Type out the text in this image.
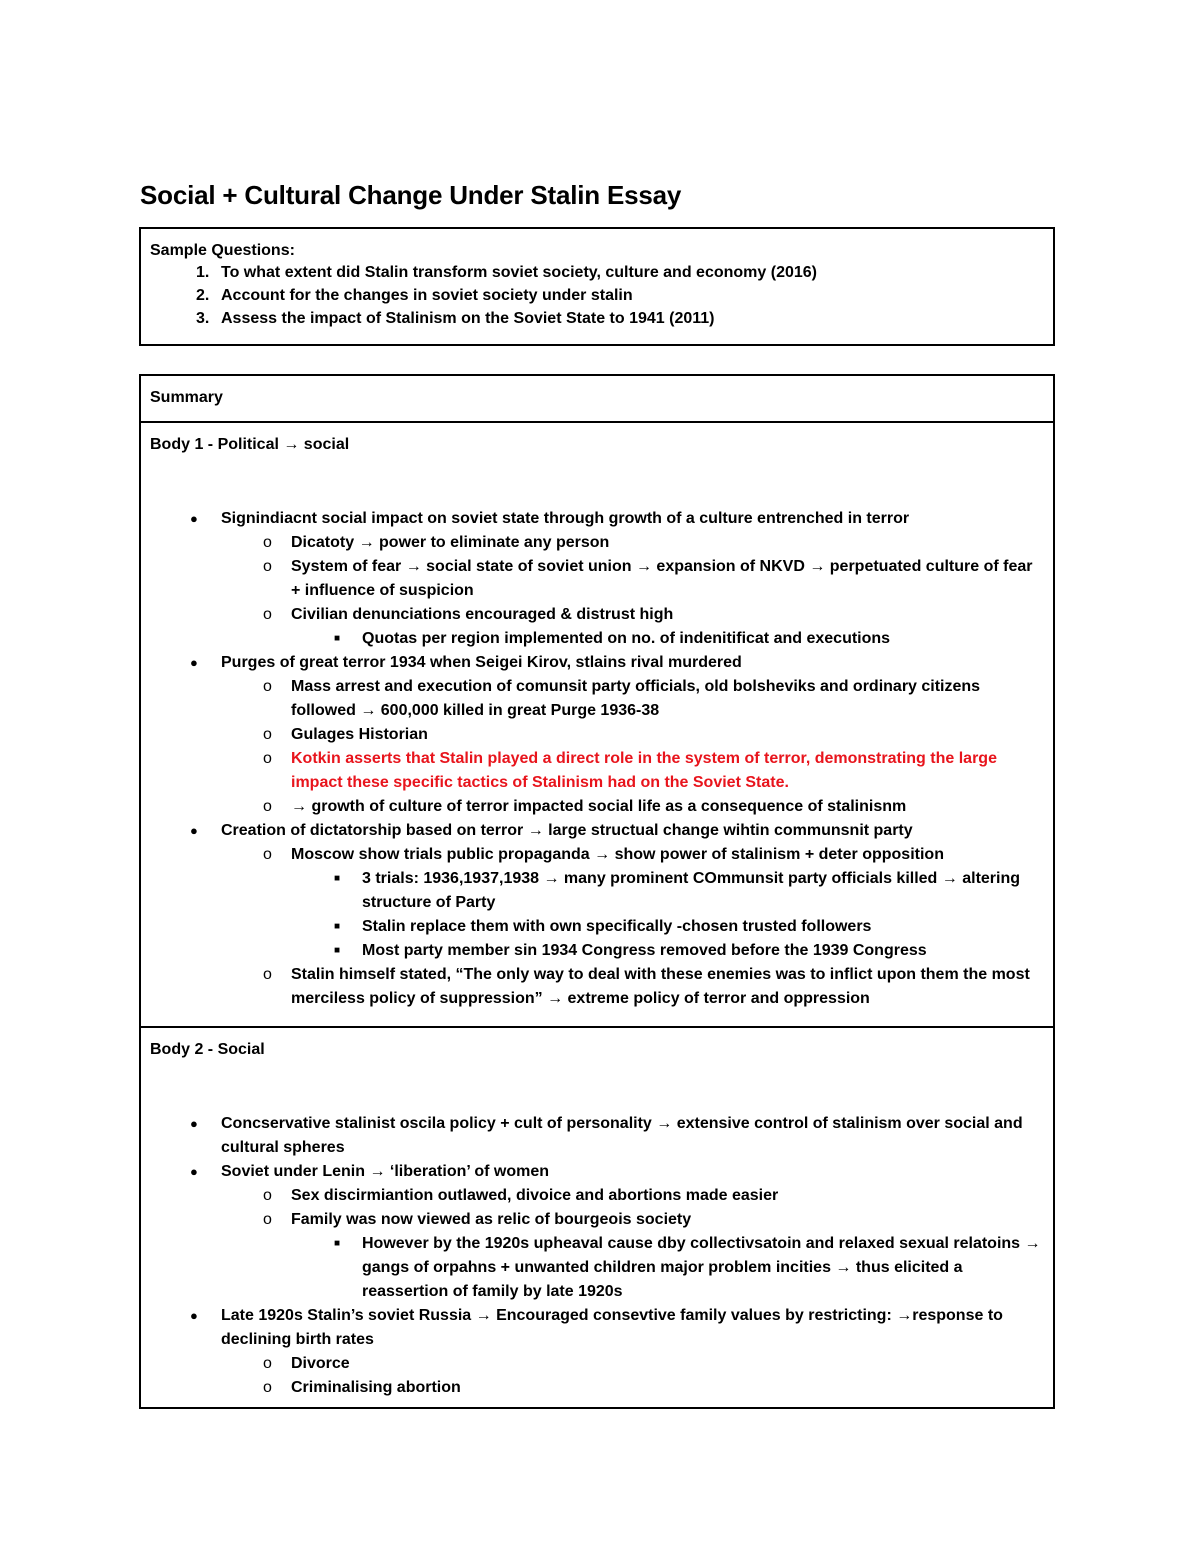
Social + Cultural Change Under Stalin Essay
Sample Questions:
1. To what extent did Stalin transform soviet society, culture and economy (2016)
2. Account for the changes in soviet society under stalin
3. Assess the impact of Stalinism on the Soviet State to 1941 (2011)
Summary
Body 1 - Political → social
● Signindiacnt social impact on soviet state through growth of a culture entrenched in terror
o Dicatoty → power to eliminate any person
o System of fear → social state of soviet union → expansion of NKVD → perpetuated culture of fear + influence of suspicion
o Civilian denunciations encouraged & distrust high
■ Quotas per region implemented on no. of indenitificat and executions
● Purges of great terror 1934 when Seigei Kirov, stlains rival murdered
o Mass arrest and execution of comunsit party officials, old bolsheviks and ordinary citizens followed → 600,000 killed in great Purge 1936-38
o Gulages Historian
o Kotkin asserts that Stalin played a direct role in the system of terror, demonstrating the large impact these specific tactics of Stalinism had on the Soviet State.
o → growth of culture of terror impacted social life as a consequence of stalinisnm
● Creation of dictatorship based on terror → large structual change wihtin communsnit party
o Moscow show trials public propaganda → show power of stalinism + deter opposition
■ 3 trials: 1936,1937,1938 → many prominent COmmunsit party officials killed → altering structure of Party
■ Stalin replace them with own specifically -chosen trusted followers
■ Most party member sin 1934 Congress removed before the 1939 Congress
o Stalin himself stated, “The only way to deal with these enemies was to inflict upon them the most merciless policy of suppression” → extreme policy of terror and oppression
Body 2 - Social
● Concservative stalinist oscila policy + cult of personality → extensive control of stalinism over social and cultural spheres
● Soviet under Lenin → ‘liberation’ of women
o Sex discirmiantion outlawed, divoice and abortions made easier
o Family was now viewed as relic of bourgeois society
■ However by the 1920s upheaval cause dby collectivsatoin and relaxed sexual relatoins → gangs of orpahns + unwanted children major problem incities → thus elicited a reassertion of family by late 1920s
● Late 1920s Stalin’s soviet Russia → Encouraged consevtive family values by restricting: →response to declining birth rates
o Divorce
o Criminalising abortion
